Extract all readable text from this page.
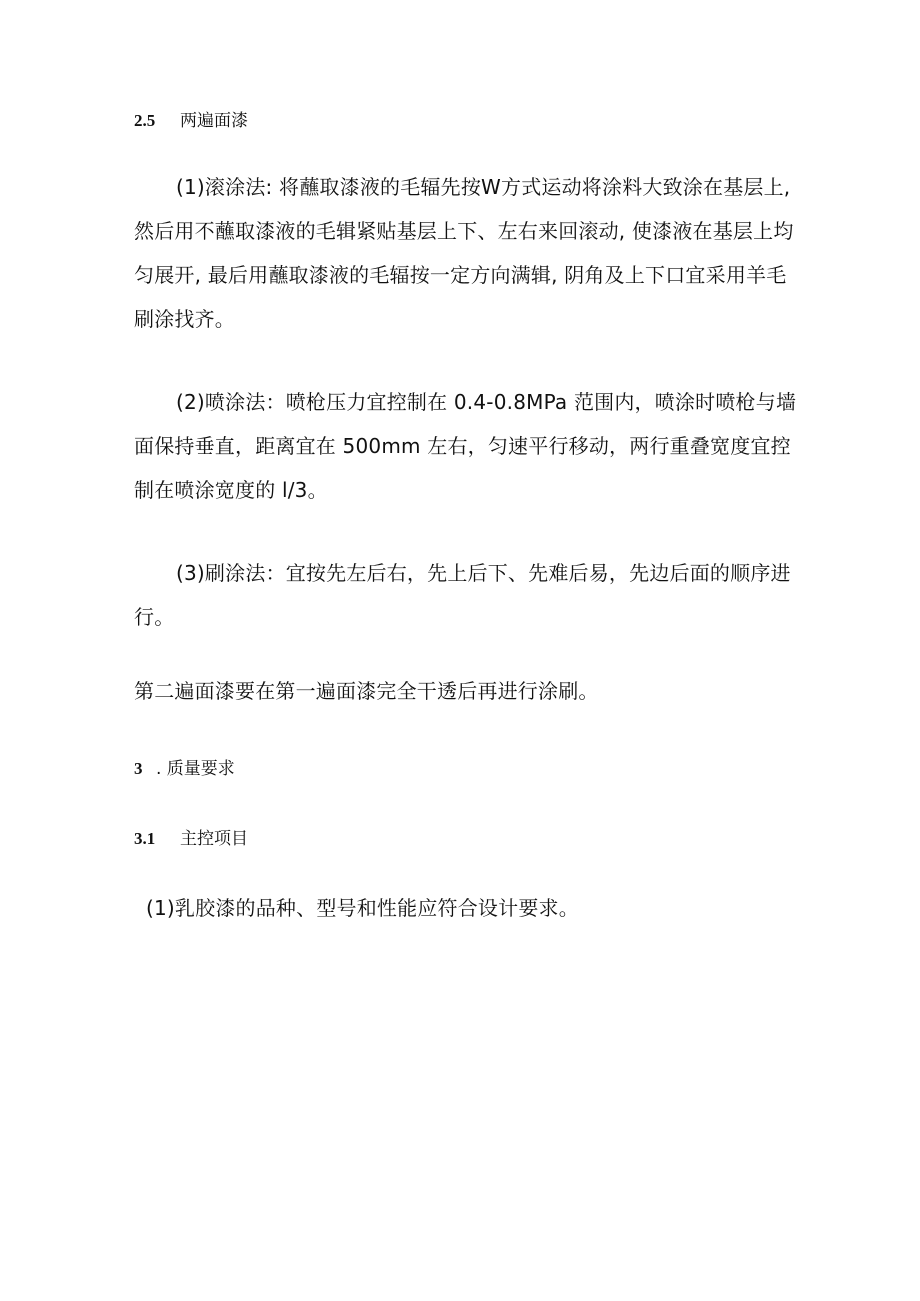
2.5 两遍面漆
(1)滚涂法: 将蘸取漆液的毛辐先按W方式运动将涂料大致涂在基层上,
然后用不蘸取漆液的毛辑紧贴基层上下、左右来回滚动, 使漆液在基层上均
匀展开, 最后用蘸取漆液的毛辐按一定方向满辑, 阴角及上下口宜采用羊毛
刷涂找齐。
(2)喷涂法：喷枪压力宜控制在 0.4-0.8MPa 范围内，喷涂时喷枪与墙
面保持垂直，距离宜在 500mm 左右，匀速平行移动，两行重叠宽度宜控
制在喷涂宽度的 l/3。
(3)刷涂法：宜按先左后右，先上后下、先难后易，先边后面的顺序进
行。
第二遍面漆要在第一遍面漆完全干透后再进行涂刷。
3 . 质量要求
3.1 主控项目
(1)乳胶漆的品种、型号和性能应符合设计要求。
